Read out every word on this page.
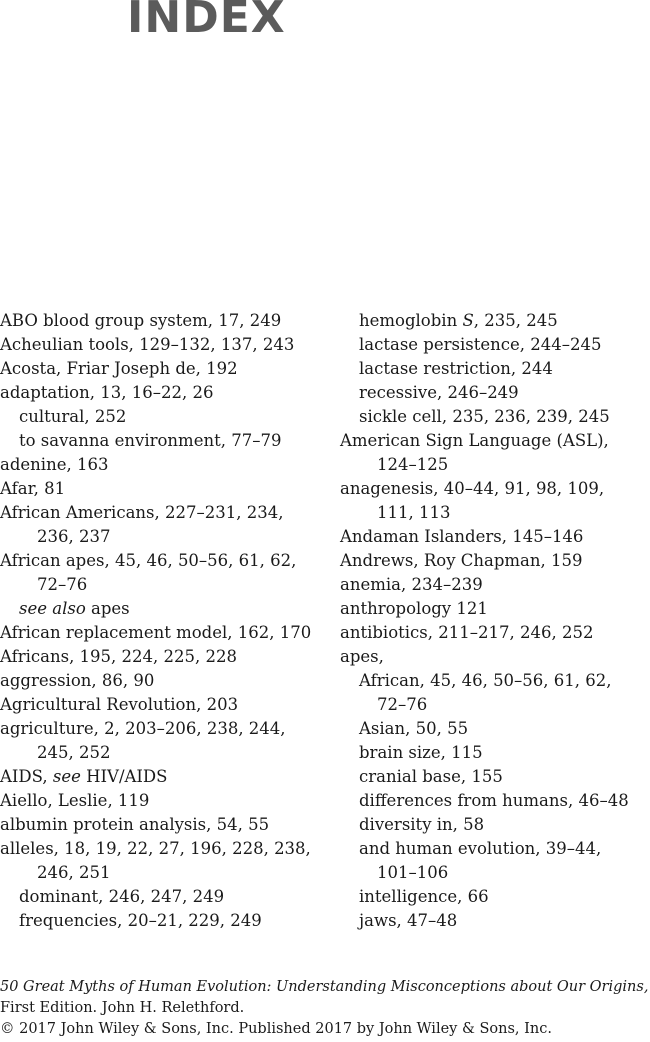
INDEX
ABO blood group system, 17, 249
Acheulian tools, 129–132, 137, 243
Acosta, Friar Joseph de, 192
adaptation, 13, 16–22, 26
cultural, 252
to savanna environment, 77–79
adenine, 163
Afar, 81
African Americans, 227–231, 234,
236, 237
African apes, 45, 46, 50–56, 61, 62,
72–76
see also apes
African replacement model, 162, 170
Africans, 195, 224, 225, 228
aggression, 86, 90
Agricultural Revolution, 203
agriculture, 2, 203–206, 238, 244,
245, 252
AIDS, see HIV/AIDS
Aiello, Leslie, 119
albumin protein analysis, 54, 55
alleles, 18, 19, 22, 27, 196, 228, 238,
246, 251
dominant, 246, 247, 249
frequencies, 20–21, 229, 249
hemoglobin S, 235, 245
lactase persistence, 244–245
lactase restriction, 244
recessive, 246–249
sickle cell, 235, 236, 239, 245
American Sign Language (ASL),
124–125
anagenesis, 40–44, 91, 98, 109,
111, 113
Andaman Islanders, 145–146
Andrews, Roy Chapman, 159
anemia, 234–239
anthropology 121
antibiotics, 211–217, 246, 252
apes,
African, 45, 46, 50–56, 61, 62,
72–76
Asian, 50, 55
brain size, 115
cranial base, 155
differences from humans, 46–48
diversity in, 58
and human evolution, 39–44,
101–106
intelligence, 66
jaws, 47–48
50 Great Myths of Human Evolution: Understanding Misconceptions about Our Origins,
First Edition. John H. Relethford.
© 2017 John Wiley & Sons, Inc. Published 2017 by John Wiley & Sons, Inc.
